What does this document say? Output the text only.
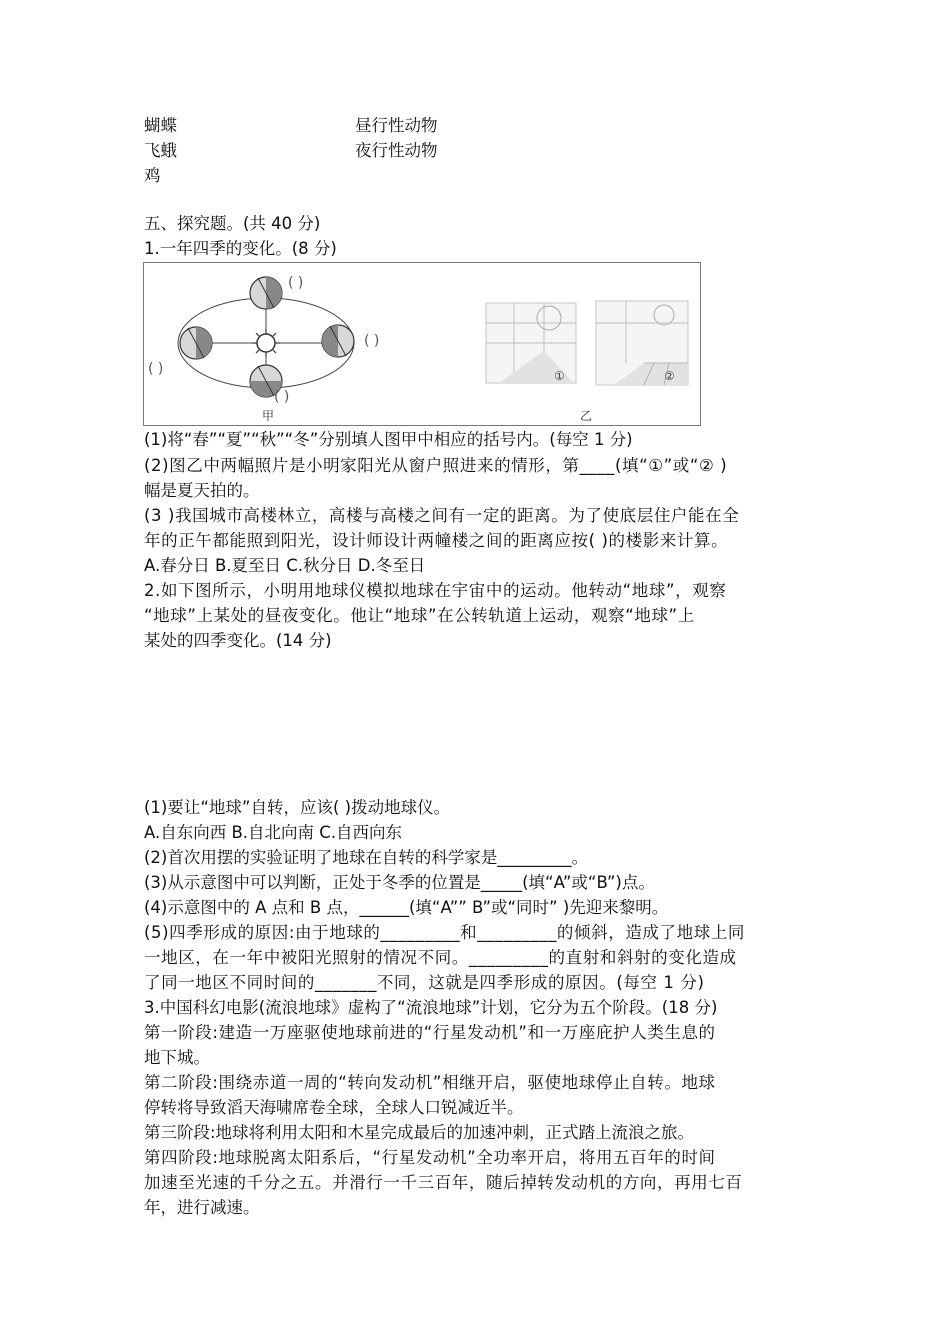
蝴蝶	昼行性动物
飞蛾	夜行性动物
鸡
五、探究题。(共 40 分)
1.一年四季的变化。(8 分)
( )
( )
( )
( )
①	②
甲	乙
(1)将“春”“夏”“秋”“冬”分别填人图甲中相应的括号内。(每空 1 分)
(2)图乙中两幅照片是小明家阳光从窗户照进来的情形，第____(填“①”或“② )
幅是夏天拍的。
(3 )我国城市高楼林立，高楼与高楼之间有一定的距离。为了使底层住户能在全
年的正午都能照到阳光，设计师设计两幢楼之间的距离应按( )的楼影来计算。
A.春分日 B.夏至日 C.秋分日 D.冬至日
2.如下图所示，小明用地球仪模拟地球在宇宙中的运动。他转动“地球”，观察
“地球”上某处的昼夜变化。他让“地球”在公转轨道上运动，观察“地球”上
某处的四季变化。(14 分)
(1)要让“地球”自转，应该( )拨动地球仪。
A.自东向西 B.自北向南 C.自西向东
(2)首次用摆的实验证明了地球在自转的科学家是_________。
(3)从示意图中可以判断，正处于冬季的位置是_____(填“A”或“B”)点。
(4)示意图中的 A 点和 B 点，______(填“A”” B”或“同时” )先迎来黎明。
(5)四季形成的原因:由于地球的_________和_________的倾斜，造成了地球上同
一地区，在一年中被阳光照射的情况不同。_________的直射和斜射的变化造成
了同一地区不同时间的_______不同，这就是四季形成的原因。(每空 1 分)
3.中国科幻电影(流浪地球》虚构了“流浪地球”计划，它分为五个阶段。(18 分)
第一阶段:建造一万座驱使地球前进的“行星发动机”和一万座庇护人类生息的
地下城。
第二阶段:围绕赤道一周的“转向发动机”相继开启，驱使地球停止自转。地球
停转将导致滔天海啸席卷全球，全球人口锐减近半。
第三阶段:地球将利用太阳和木星完成最后的加速冲刺，正式踏上流浪之旅。
第四阶段:地球脱离太阳系后，“行星发动机”全功率开启，将用五百年的时间
加速至光速的千分之五。并滑行一千三百年，随后掉转发动机的方向，再用七百
年，进行减速。
